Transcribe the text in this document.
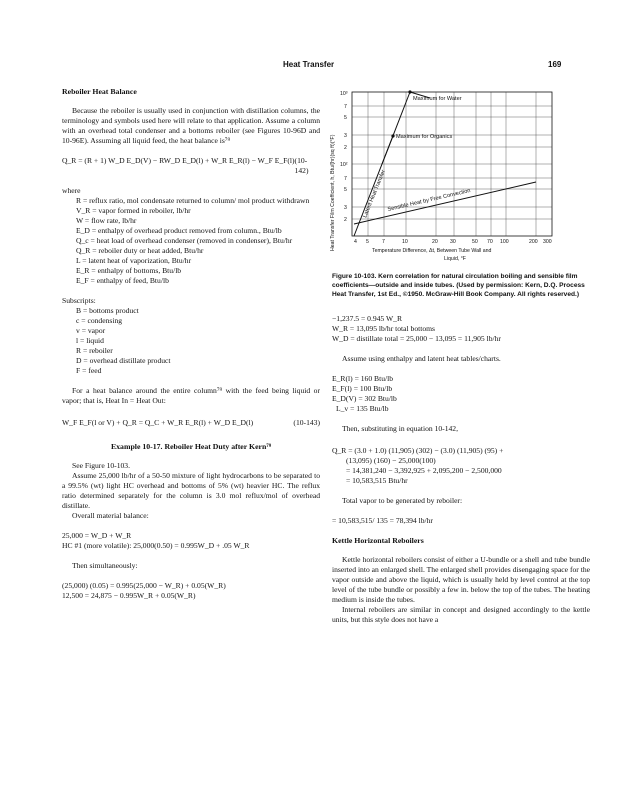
Heat Transfer	169

Reboiler Heat Balance

Because the reboiler is usually used in conjunction with distillation columns, the terminology and symbols used here will relate to that application. Assume a column with an overhead total condenser and a bottoms reboiler (see Figures 10-96D and 10-96E). Assuming all liquid feed, the heat balance is⁷⁹

Q_R = (R + 1) W_D E_D(V) − RW_D E_D(l) + W_R E_R(l) − W_F E_F(l) (10-142)

where

R = reflux ratio, mol condensate returned to column/ mol product withdrawn

V_R = vapor formed in reboiler, lb/hr

W = flow rate, lb/hr

E_D = enthalpy of overhead product removed from column., Btu/lb

Q_c = heat load of overhead condenser (removed in condenser), Btu/hr

Q_R = reboiler duty or heat added, Btu/hr

L = latent heat of vaporization, Btu/hr

E_R = enthalpy of bottoms, Btu/lb

E_F = enthalpy of feed, Btu/lb

Subscripts:

B = bottoms product

c = condensing

v = vapor

l = liquid

R = reboiler

D = overhead distillate product

F = feed

For a heat balance around the entire column⁷⁹ with the feed being liquid or vapor; that is, Heat In = Heat Out:

W_F E_F(l or V) + Q_R = Q_C + W_R E_R(l) + W_D E_D(l)	(10-143)

Example 10-17. Reboiler Heat Duty after Kern⁷⁹

See Figure 10-103.

Assume 25,000 lb/hr of a 50-50 mixture of light hydrocarbons to be separated to a 99.5% (wt) light HC overhead and bottoms of 5% (wt) heavier HC. The reflux ratio determined separately for the column is 3.0 mol reflux/mol of overhead distillate.

Overall material balance:

25,000 = W_D + W_R

HC #1 (more volatile): 25,000(0.50) = 0.995W_D + .05 W_R

Then simultaneously:

(25,000) (0.05) = 0.995(25,000 − W_R) + 0.05(W_R)

12,500 = 24,875 − 0.995W_R + 0.05(W_R)

Heat Transfer Film Coefficient, h, Btu/(hr)(sq ft)(°F)
10³
7
5
3
2
10²
7
5
3
2
4 5	7	10	20 30	50 70 100	200 300
Temperature Difference, Δt, Between Tube Wall and
Liquid, °F
Maximum for Water
Maximum for Organics
Latent Heat Transfer Sensible Heat by Free Convection
Figure 10-103. Kern correlation for natural circulation boiling and sensible film coefficients—outside and inside tubes. (Used by permission: Kern, D.Q. Process Heat Transfer, 1st Ed., ©1950. McGraw-Hill Book Company. All rights reserved.)

−1,237.5 = 0.945 W_R

W_R = 13,095 lb/hr total bottoms

W_D = distillate total = 25,000 − 13,095 = 11,905 lb/hr

Assume using enthalpy and latent heat tables/charts.

E_R(l) = 160 Btu/lb

E_F(l) = 100 Btu/lb

E_D(V) = 302 Btu/lb

L_v = 135 Btu/lb

Then, substituting in equation 10-142,

Q_R = (3.0 + 1.0) (11,905) (302) − (3.0) (11,905) (95) +

(13,095) (160) − 25,000(100)

= 14,381,240 − 3,392,925 + 2,095,200 − 2,500,000

= 10,583,515 Btu/hr

Total vapor to be generated by reboiler:

= 10,583,515/ 135 = 78,394 lb/hr

Kettle Horizontal Reboilers

Kettle horizontal reboilers consist of either a U-bundle or a shell and tube bundle inserted into an enlarged shell. The enlarged shell provides disengaging space for the vapor outside and above the liquid, which is usually held by level control at the top level of the tube bundle or possibly a few in. below the top of the tubes. The heating medium is inside the tubes.

Internal reboilers are similar in concept and designed accordingly to the kettle units, but this style does not have a
